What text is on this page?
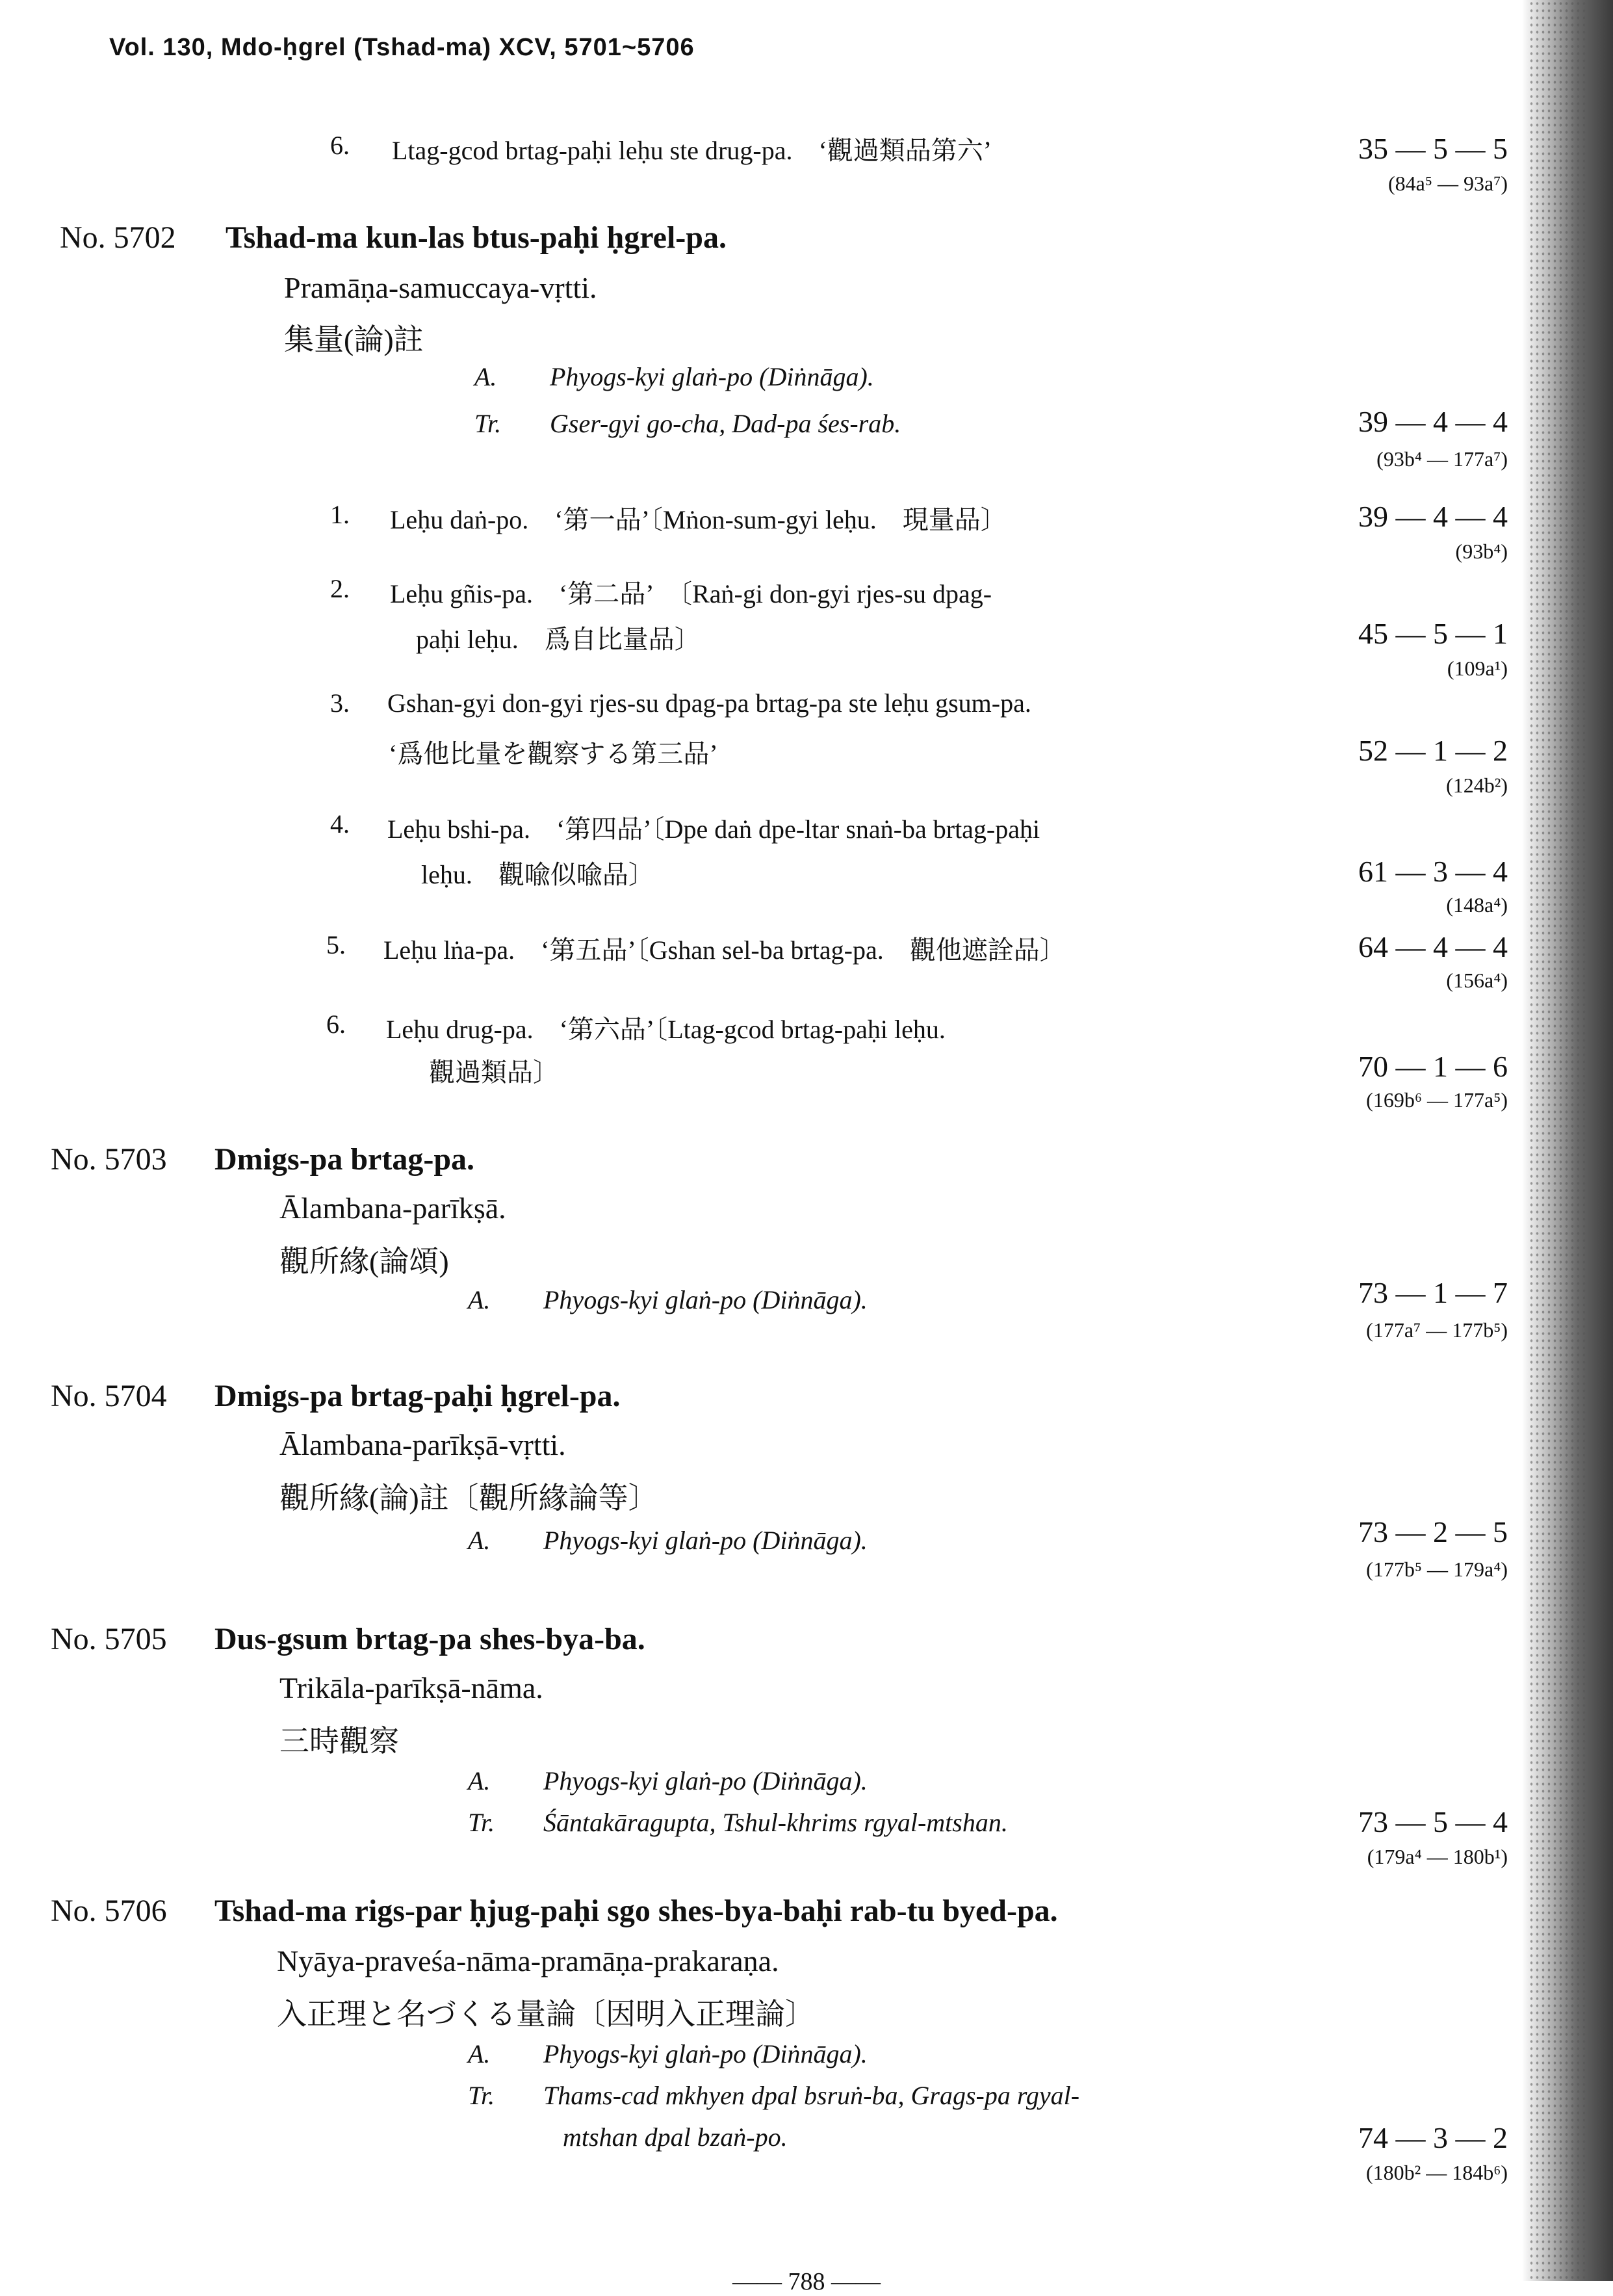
Vol. 130, Mdo-ḥgrel (Tshad-ma) XCV, 5701~5706
6. Ltag-gcod brtag-paḥi leḥu ste drug-pa.　‘觀過類品第六’	35 — 5 — 5
(84a⁵ — 93a⁷)
No. 5702 Tshad-ma kun-las btus-paḥi ḥgrel-pa.
Pramāṇa-samuccaya-vṛtti.
集量(論)註
A. Phyogs-kyi glaṅ-po (Diṅnāga).
Tr. Gser-gyi go-cha, Dad-pa śes-rab.	39 — 4 — 4
(93b⁴ — 177a⁷)
1. Leḥu daṅ-po.　‘第一品’〔Mṅon-sum-gyi leḥu.　現量品〕	39 — 4 — 4
(93b⁴)
2. Leḥu gñis-pa.　‘第二品’　〔Raṅ-gi don-gyi rjes-su dpag-
paḥi leḥu.　爲自比量品〕	45 — 5 — 1
(109a¹)
3. Gshan-gyi don-gyi rjes-su dpag-pa brtag-pa ste leḥu gsum-pa.
‘爲他比量を觀察する第三品’	52 — 1 — 2
(124b²)
4. Leḥu bshi-pa.　‘第四品’〔Dpe daṅ dpe-ltar snaṅ-ba brtag-paḥi
leḥu.　觀喩似喩品〕	61 — 3 — 4
(148a⁴)
5. Leḥu lṅa-pa.　‘第五品’〔Gshan sel-ba brtag-pa.　觀他遮詮品〕	64 — 4 — 4
(156a⁴)
6. Leḥu drug-pa.　‘第六品’〔Ltag-gcod brtag-paḥi leḥu.
觀過類品〕	70 — 1 — 6
(169b⁶ — 177a⁵)
No. 5703 Dmigs-pa brtag-pa.
Ālambana-parīkṣā.
觀所緣(論頌)
A. Phyogs-kyi glaṅ-po (Diṅnāga).	73 — 1 — 7
(177a⁷ — 177b⁵)
No. 5704 Dmigs-pa brtag-paḥi ḥgrel-pa.
Ālambana-parīkṣā-vṛtti.
觀所緣(論)註〔觀所緣論等〕
A. Phyogs-kyi glaṅ-po (Diṅnāga).	73 — 2 — 5
(177b⁵ — 179a⁴)
No. 5705 Dus-gsum brtag-pa shes-bya-ba.
Trikāla-parīkṣā-nāma.
三時觀察
A. Phyogs-kyi glaṅ-po (Diṅnāga).
Tr. Śāntakāragupta, Tshul-khrims rgyal-mtshan.	73 — 5 — 4
(179a⁴ — 180b¹)
No. 5706 Tshad-ma rigs-par ḥjug-paḥi sgo shes-bya-baḥi rab-tu byed-pa.
Nyāya-praveśa-nāma-pramāṇa-prakaraṇa.
入正理と名づくる量論〔因明入正理論〕
A. Phyogs-kyi glaṅ-po (Diṅnāga).
Tr. Thams-cad mkhyen dpal bsruṅ-ba, Grags-pa rgyal-
mtshan dpal bzaṅ-po.	74 — 3 — 2
(180b² — 184b⁶)
—— 788 ——
